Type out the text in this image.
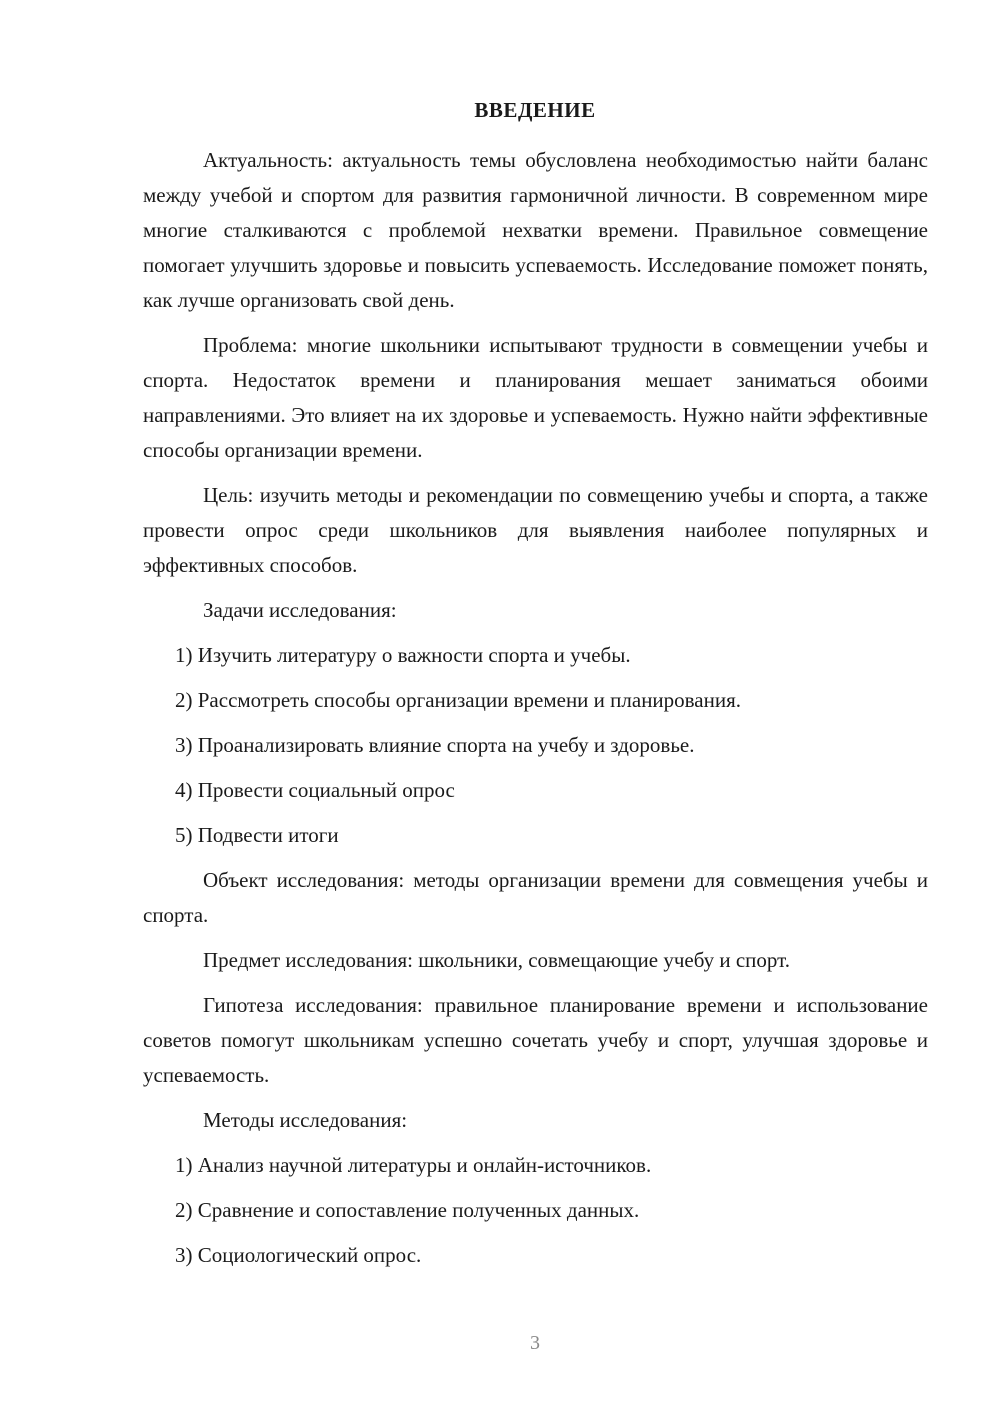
ВВЕДЕНИЕ

Актуальность: актуальность темы обусловлена необходимостью найти баланс между учебой и спортом для развития гармоничной личности. В современном мире многие сталкиваются с проблемой нехватки времени. Правильное совмещение помогает улучшить здоровье и повысить успеваемость. Исследование поможет понять, как лучше организовать свой день.

Проблема: многие школьники испытывают трудности в совмещении учебы и спорта. Недостаток времени и планирования мешает заниматься обоими направлениями. Это влияет на их здоровье и успеваемость. Нужно найти эффективные способы организации времени.

Цель: изучить методы и рекомендации по совмещению учебы и спорта, а также провести опрос среди школьников для выявления наиболее популярных и эффективных способов.

Задачи исследования:
1) Изучить литературу о важности спорта и учебы.
2) Рассмотреть способы организации времени и планирования.
3) Проанализировать влияние спорта на учебу и здоровье.
4) Провести социальный опрос
5) Подвести итоги

Объект исследования: методы организации времени для совмещения учебы и спорта.

Предмет исследования: школьники, совмещающие учебу и спорт.

Гипотеза исследования: правильное планирование времени и использование советов помогут школьникам успешно сочетать учебу и спорт, улучшая здоровье и успеваемость.

Методы исследования:
1) Анализ научной литературы и онлайн-источников.
2) Сравнение и сопоставление полученных данных.
3) Социологический опрос.
3
